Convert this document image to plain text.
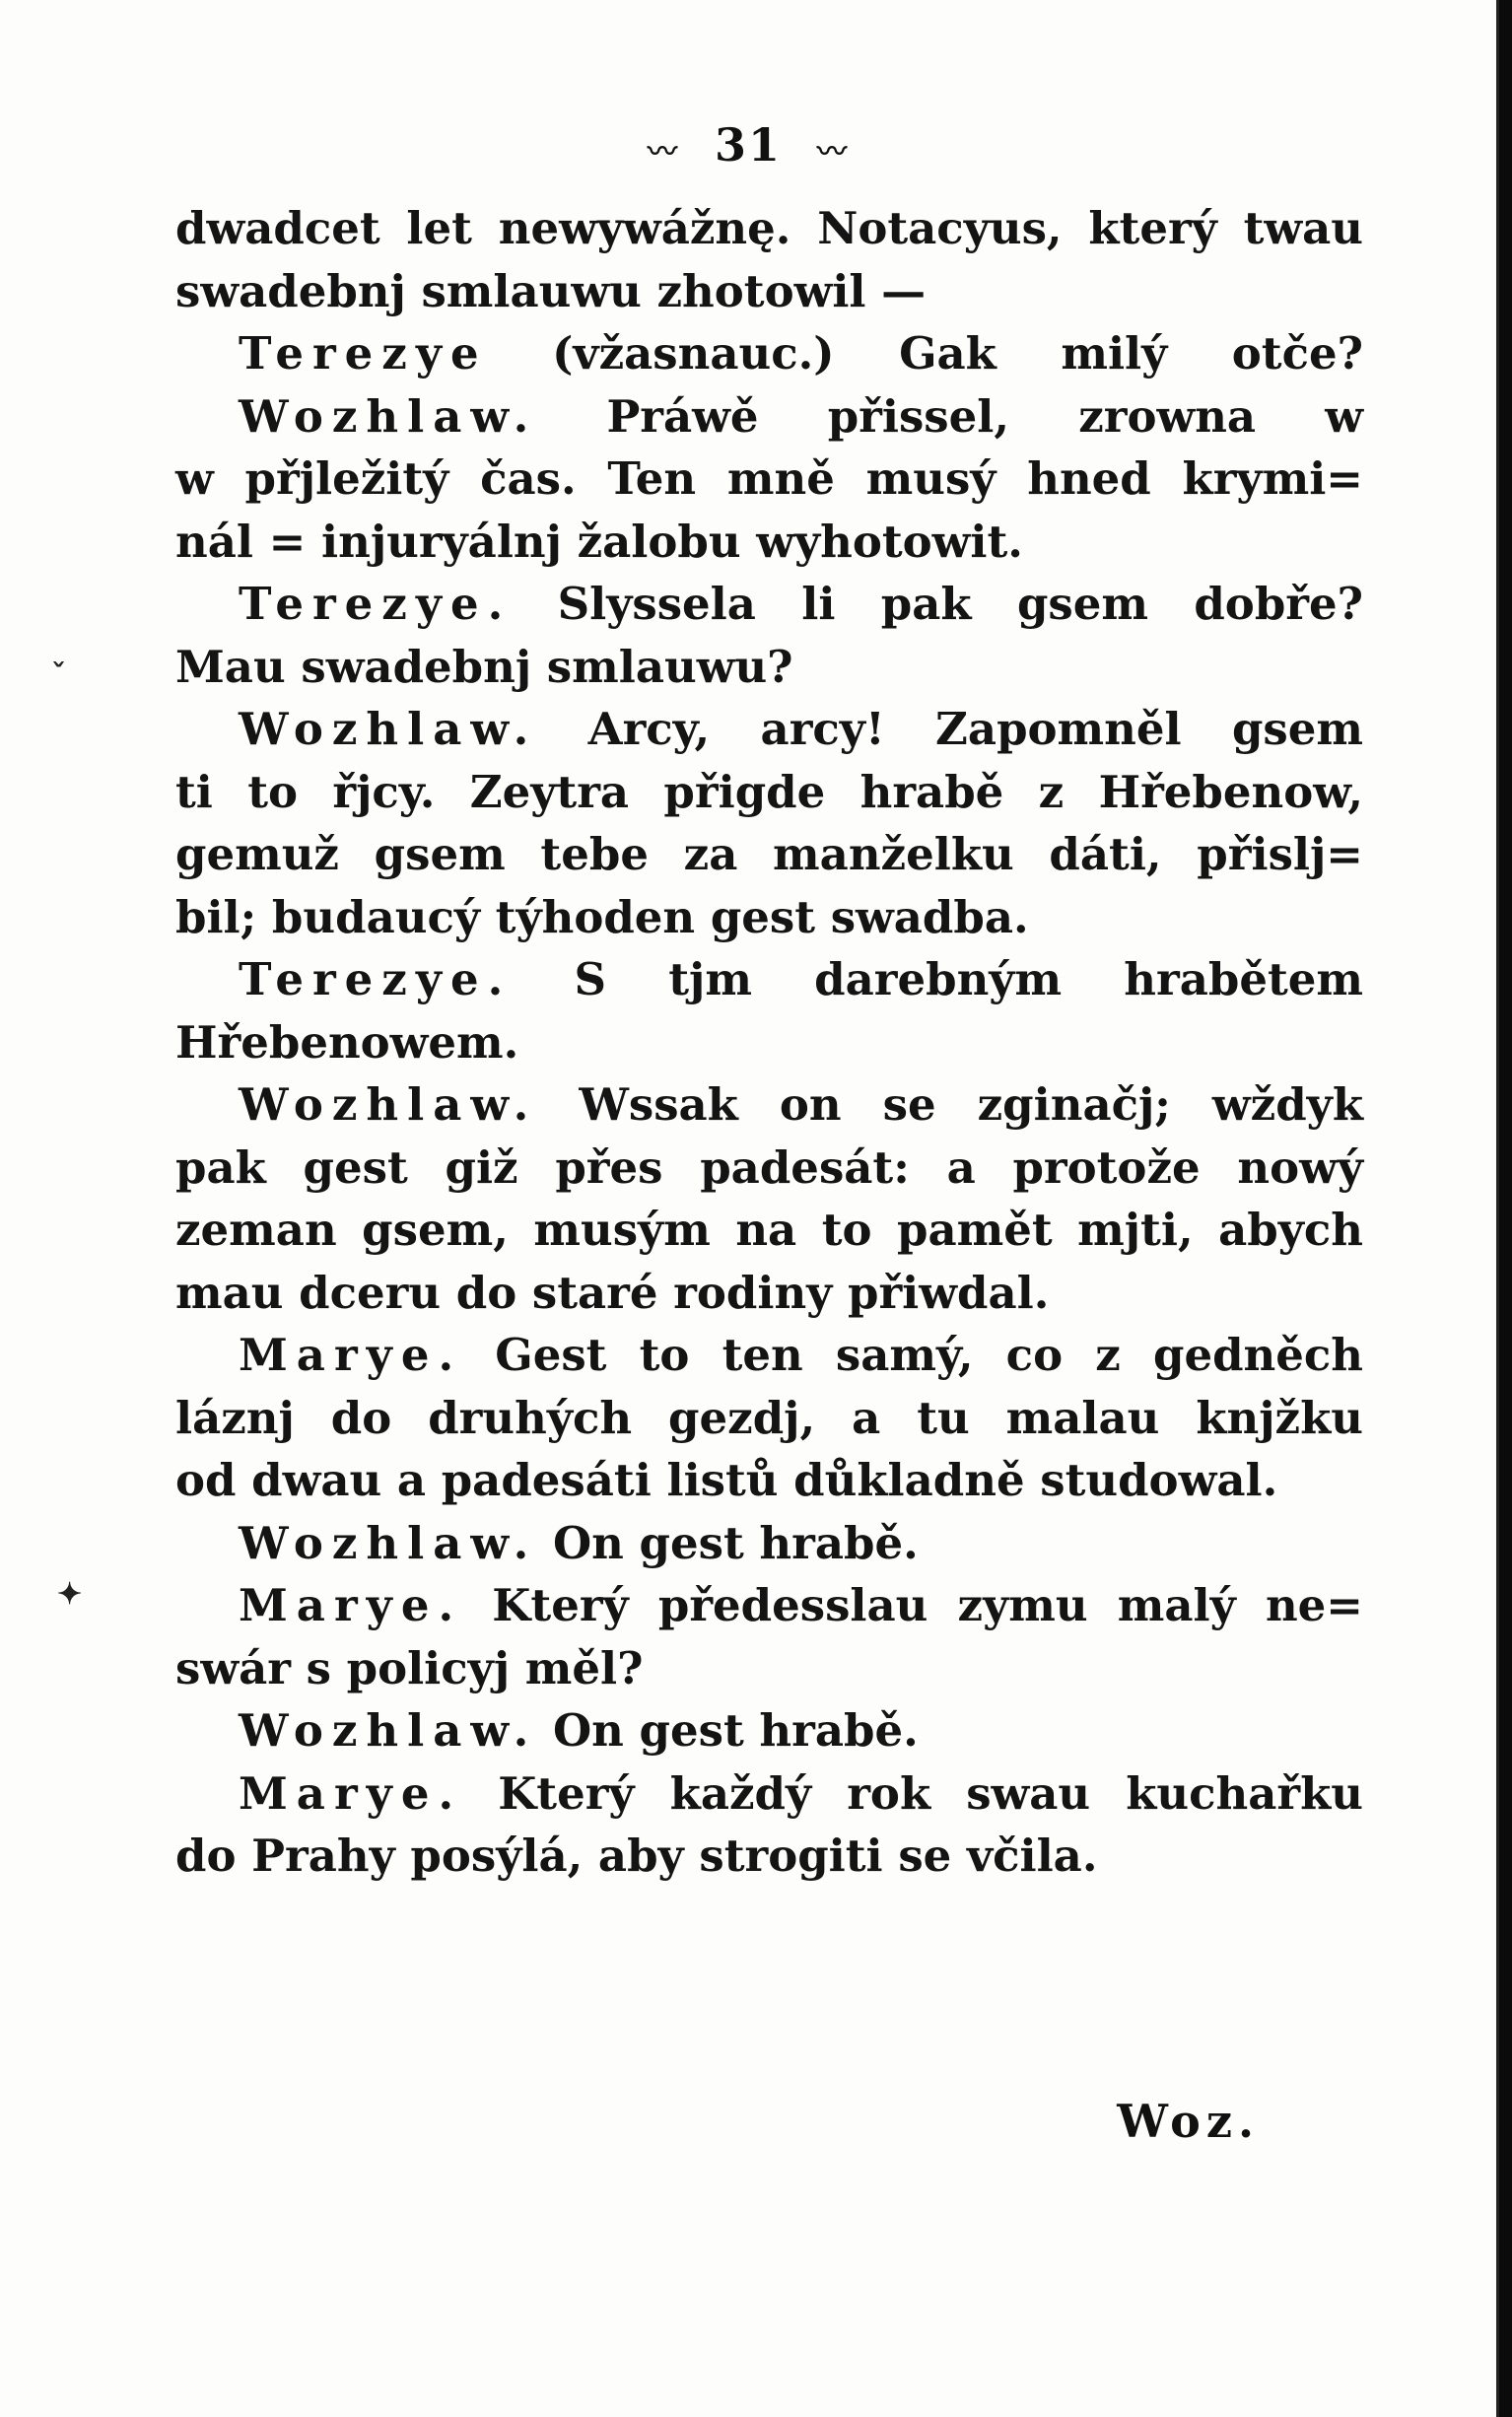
〰 31 〰
dwadcet let newywážnę. Notacyus, který twau
swadebnj smlauwu zhotowil —
Terezye (vžasnauc.) Gak milý otče?
Wozhlaw. Práwě přissel, zrowna w
w přjležitý čas. Ten mně musý hned krymi=
nál = injuryálnj žalobu wyhotowit.
Terezye. Slyssela li pak gsem dobře?
Mau swadebnj smlauwu?
Wozhlaw. Arcy, arcy! Zapomněl gsem
ti to řjcy. Zeytra přigde hrabě z Hřebenow,
gemuž gsem tebe za manželku dáti, přislj=
bil; budaucý týhoden gest swadba.
Terezye. S tjm darebným hrabětem
Hřebenowem.
Wozhlaw. Wssak on se zginačj; wždyk
pak gest giž přes padesát: a protože nowý
zeman gsem, musým na to pamět mjti, abych
mau dceru do staré rodiny přiwdal.
Marye. Gest to ten samý, co z gedněch
láznj do druhých gezdj, a tu malau knjžku
od dwau a padesáti listů důkladně studowal.
Wozhlaw. On gest hrabě.
Marye. Který předesslau zymu malý ne=
swár s policyj měl?
Wozhlaw. On gest hrabě.
Marye. Který každý rok swau kuchařku
do Prahy posýlá, aby strogiti se včila.
Woz.
ˇ
✦
